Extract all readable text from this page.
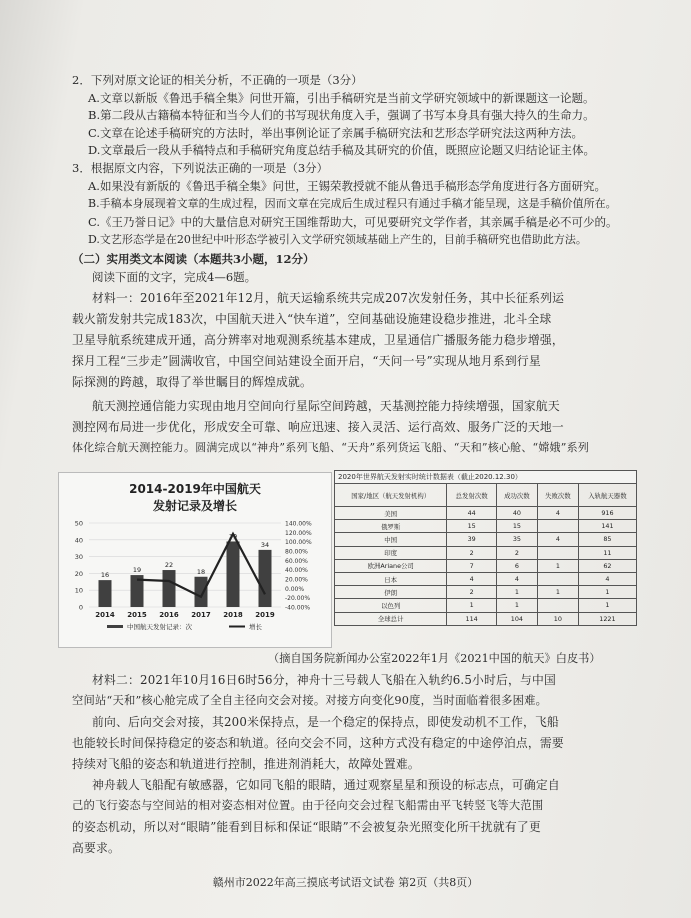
2．下列对原文论证的相关分析，不正确的一项是（3分）
A.文章以新版《鲁迅手稿全集》问世开篇，引出手稿研究是当前文学研究领域中的新课题这一论题。
B.第二段从古籍稿本特征和当今人们的书写现状角度入手，强调了书写本身具有强大持久的生命力。
C.文章在论述手稿研究的方法时，举出事例论证了亲属手稿研究法和艺形态学研究法这两种方法。
D.文章最后一段从手稿特点和手稿研究角度总结手稿及其研究的价值，既照应论题又归结论证主体。
3．根据原文内容，下列说法正确的一项是（3分）
A.如果没有新版的《鲁迅手稿全集》问世，王锡荣教授就不能从鲁迅手稿形态学角度进行各方面研究。
B.手稿本身展现着文章的生成过程，因而文章在完成后生成过程只有通过手稿才能呈现，这是手稿价值所在。
C.《王乃誉日记》中的大量信息对研究王国维帮助大，可见要研究文学作者，其亲属手稿是必不可少的。
D.文艺形态学是在20世纪中叶形态学被引入文学研究领域基础上产生的，目前手稿研究也借助此方法。
（二）实用类文本阅读（本题共3小题，12分）
阅读下面的文字，完成4—6题。
材料一：2016年至2021年12月，航天运输系统共完成207次发射任务，其中长征系列运
载火箭发射共完成183次，中国航天进入“快车道”，空间基础设施建设稳步推进，北斗全球
卫星导航系统建成开通，高分辨率对地观测系统基本建成，卫星通信广播服务能力稳步增强，
探月工程“三步走”圆满收官，中国空间站建设全面开启，“天问一号”实现从地月系到行星
际探测的跨越，取得了举世瞩目的辉煌成就。
航天测控通信能力实现由地月空间向行星际空间跨越，天基测控能力持续增强，国家航天
测控网布局进一步优化，形成安全可靠、响应迅速、接入灵活、运行高效、服务广泛的天地一
体化综合航天测控能力。圆满完成以“神舟”系列飞船、“天舟”系列货运飞船、“天和”核心舱、“嫦娥”系列
2014-2019年中国航天
发射记录及增长
50
40
30
20
10
0
140.00%
120.00%
100.00%
80.00%
60.00%
40.00%
20.00%
0.00%
-20.00%
-40.00%
16
2014
19
2015
22
2016
18
2017
39
2018
34
2019
中国航天发射记录：次	增长
2020年世界航天发射实时统计数据表（截止2020.12.30）
国家/地区（航天发射机构）	总发射次数	成功次数	失败次数	入轨航天器数
美国	44	40	4	916
俄罗斯	15	15		141
中国	39	35	4	85
印度	2	2		11
欧洲Ariane公司	7	6	1	62
日本	4	4		4
伊朗	2	1	1	1
以色列	1	1		1
全球总计	114	104	10	1221
（摘自国务院新闻办公室2022年1月《2021中国的航天》白皮书）
材料二：2021年10月16日6时56分，神舟十三号载人飞船在入轨约6.5小时后，与中国
空间站“天和”核心舱完成了全自主径向交会对接。对接方向变化90度，当时面临着很多困难。
前向、后向交会对接，其200米保持点，是一个稳定的保持点，即使发动机不工作，飞船
也能较长时间保持稳定的姿态和轨道。径向交会不同，这种方式没有稳定的中途停泊点，需要
持续对飞船的姿态和轨道进行控制，推进剂消耗大，故障处置难。
神舟载人飞船配有敏感器，它如同飞船的眼睛，通过观察星星和预设的标志点，可确定自
己的飞行姿态与空间站的相对姿态相对位置。由于径向交会过程飞船需由平飞转竖飞等大范围
的姿态机动，所以对“眼睛”能看到目标和保证“眼睛”不会被复杂光照变化所干扰就有了更
高要求。
赣州市2022年高三摸底考试语文试卷 第2页（共8页）
